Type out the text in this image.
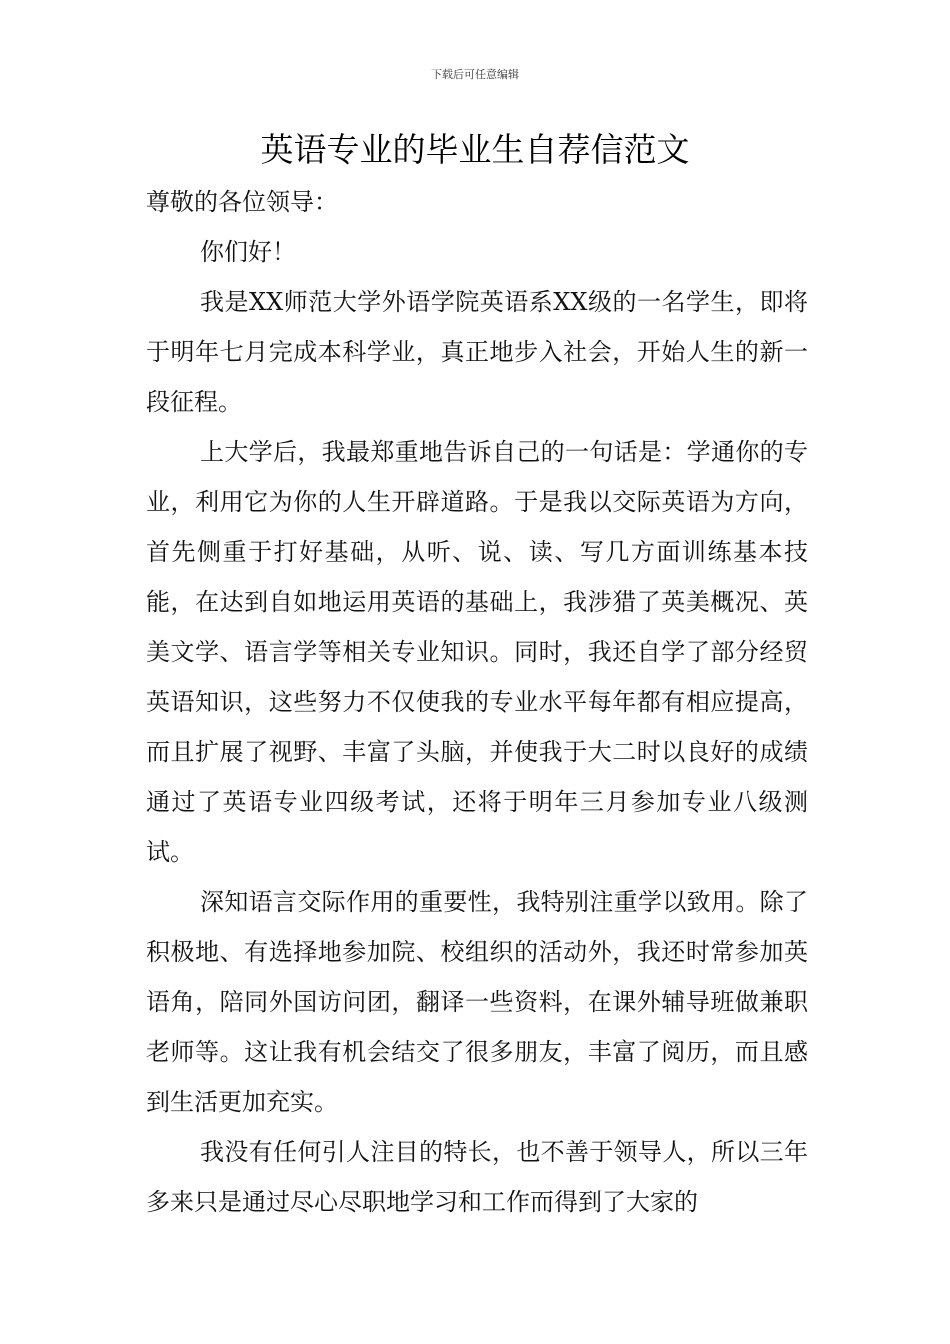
下载后可任意编辑
英语专业的毕业生自荐信范文

尊敬的各位领导：

你们好！

我是XX师范大学外语学院英语系XX级的一名学生，即将于明年七月完成本科学业，真正地步入社会，开始人生的新一段征程。

上大学后，我最郑重地告诉自己的一句话是：学通你的专业，利用它为你的人生开辟道路。于是我以交际英语为方向，首先侧重于打好基础，从听、说、读、写几方面训练基本技能，在达到自如地运用英语的基础上，我涉猎了英美概况、英美文学、语言学等相关专业知识。同时，我还自学了部分经贸英语知识，这些努力不仅使我的专业水平每年都有相应提高，而且扩展了视野、丰富了头脑，并使我于大二时以良好的成绩通过了英语专业四级考试，还将于明年三月参加专业八级测试。

深知语言交际作用的重要性，我特别注重学以致用。除了积极地、有选择地参加院、校组织的活动外，我还时常参加英语角，陪同外国访问团，翻译一些资料，在课外辅导班做兼职老师等。这让我有机会结交了很多朋友，丰富了阅历，而且感到生活更加充实。

我没有任何引人注目的特长，也不善于领导人，所以三年多来只是通过尽心尽职地学习和工作而得到了大家的
